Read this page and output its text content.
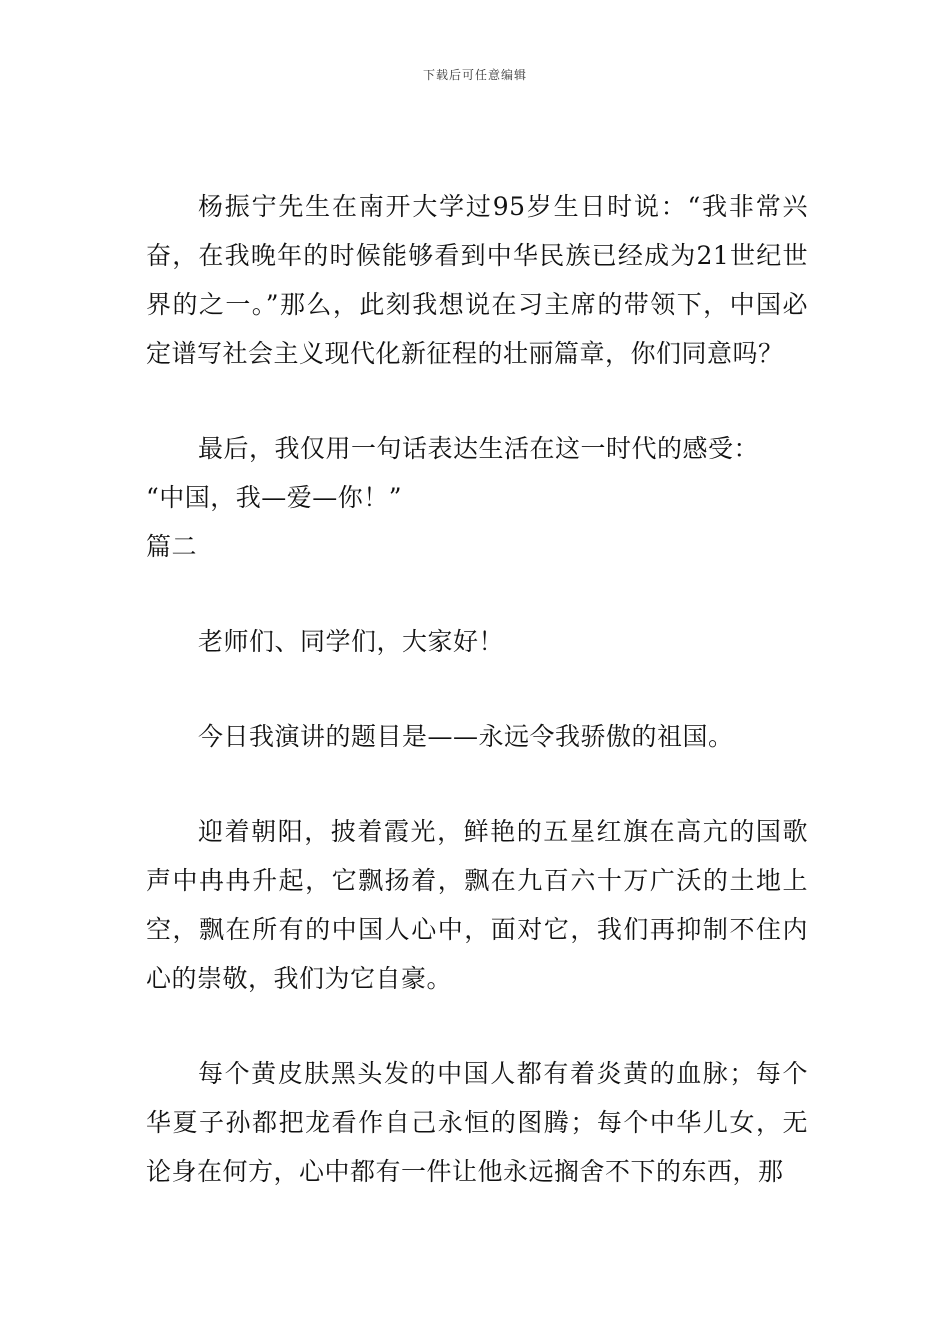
下载后可任意编辑

杨振宁先生在南开大学过95岁生日时说：“我非常兴奋，在我晚年的时候能够看到中华民族已经成为21世纪世界的之一。”那么，此刻我想说在习主席的带领下，中国必定谱写社会主义现代化新征程的壮丽篇章，你们同意吗？

最后，我仅用一句话表达生活在这一时代的感受：

“中国，我—爱—你！”

篇二

老师们、同学们，大家好！

今日我演讲的题目是——永远令我骄傲的祖国。

迎着朝阳，披着霞光，鲜艳的五星红旗在高亢的国歌声中冉冉升起，它飘扬着，飘在九百六十万广沃的土地上空，飘在所有的中国人心中，面对它，我们再抑制不住内心的崇敬，我们为它自豪。

每个黄皮肤黑头发的中国人都有着炎黄的血脉；每个华夏子孙都把龙看作自己永恒的图腾；每个中华儿女，无论身在何方，心中都有一件让他永远搁舍不下的东西，那
